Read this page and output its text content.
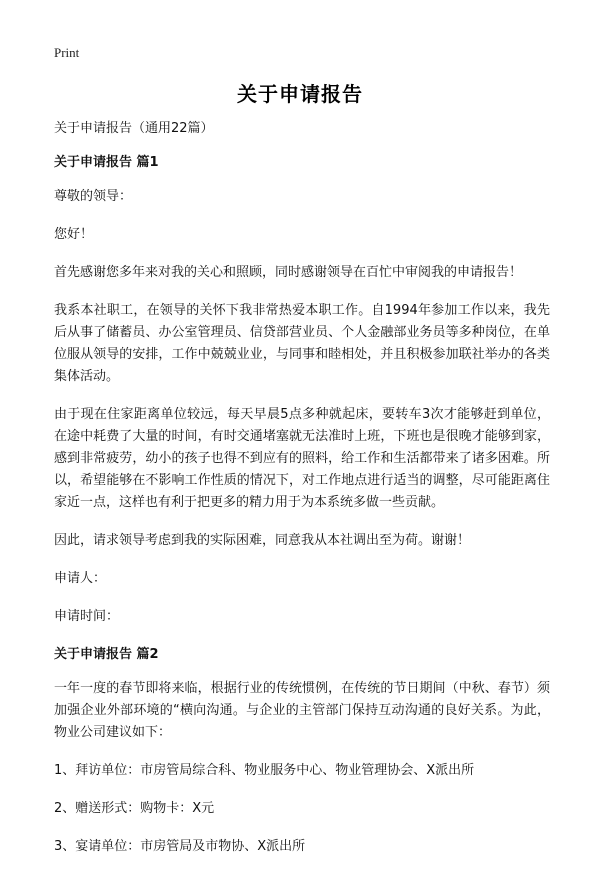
Print
关于申请报告

关于申请报告（通用22篇）

关于申请报告 篇1

尊敬的领导：

您好！

首先感谢您多年来对我的关心和照顾，同时感谢领导在百忙中审阅我的申请报告！

我系本社职工，在领导的关怀下我非常热爱本职工作。自1994年参加工作以来，我先后从事了储蓄员、办公室管理员、信贷部营业员、个人金融部业务员等多种岗位，在单位服从领导的安排，工作中兢兢业业，与同事和睦相处，并且积极参加联社举办的各类集体活动。

由于现在住家距离单位较远，每天早晨5点多种就起床，要转车3次才能够赶到单位，在途中耗费了大量的时间，有时交通堵塞就无法准时上班，下班也是很晚才能够到家，感到非常疲劳，幼小的孩子也得不到应有的照料，给工作和生活都带来了诸多困难。所以，希望能够在不影响工作性质的情况下，对工作地点进行适当的调整，尽可能距离住家近一点，这样也有利于把更多的精力用于为本系统多做一些贡献。

因此，请求领导考虑到我的实际困难，同意我从本社调出至为荷。谢谢！

申请人：

申请时间：

关于申请报告 篇2

一年一度的春节即将来临，根据行业的传统惯例，在传统的节日期间（中秋、春节）须加强企业外部环境的“横向沟通。与企业的主管部门保持互动沟通的良好关系。为此，物业公司建议如下：

1、拜访单位：市房管局综合科、物业服务中心、物业管理协会、X派出所

2、赠送形式：购物卡：X元

3、宴请单位：市房管局及市物协、X派出所
